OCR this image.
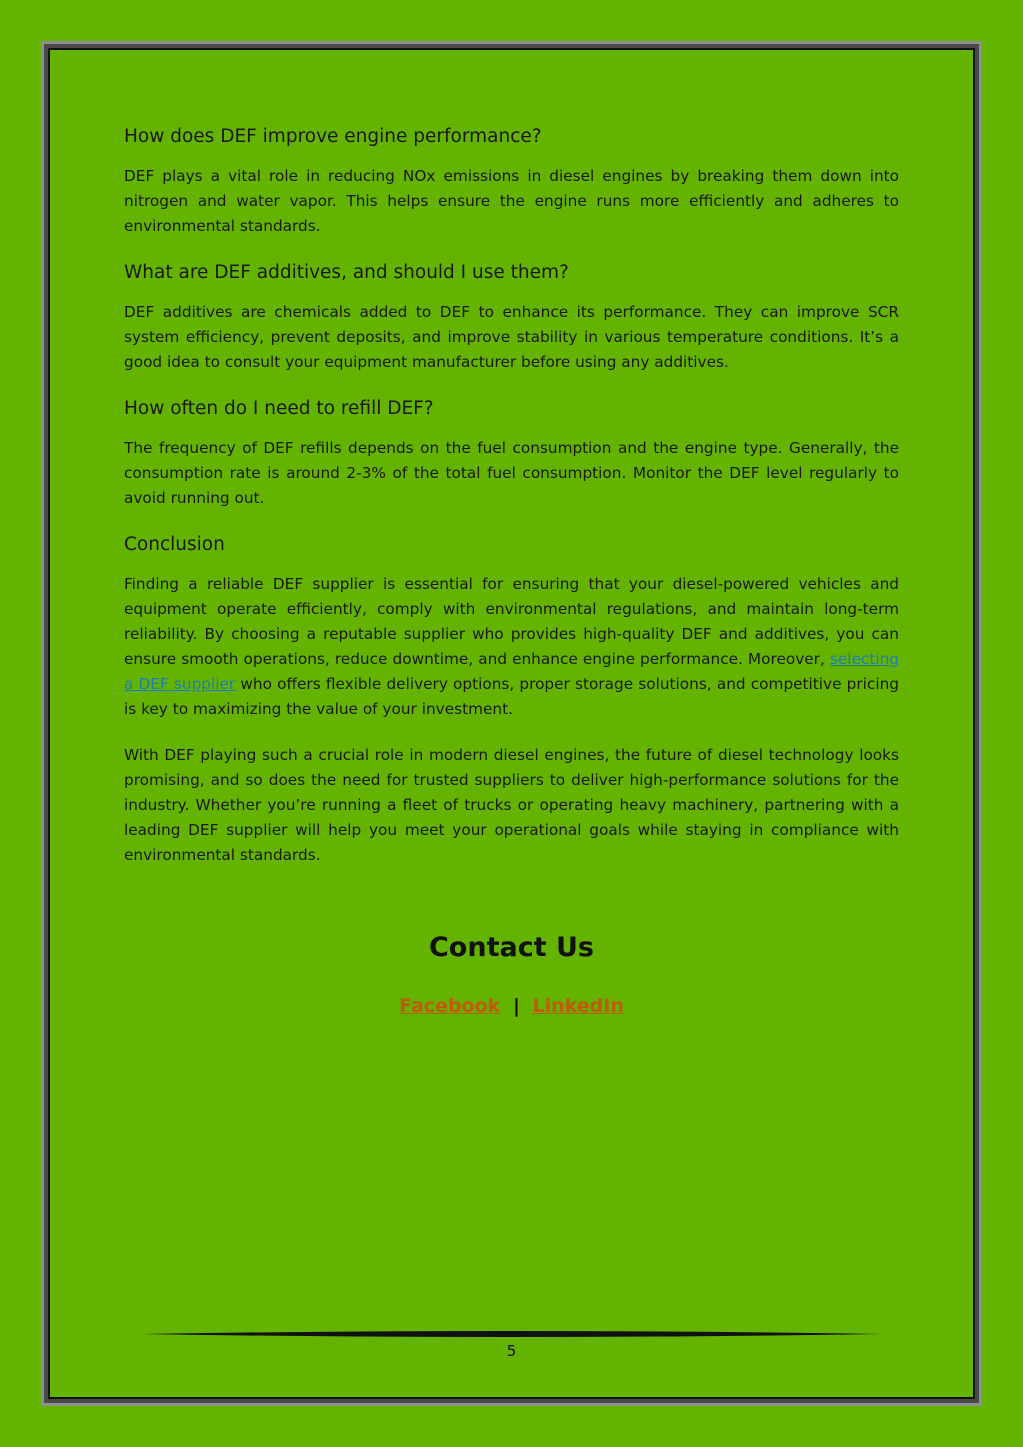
How does DEF improve engine performance?

DEF plays a vital role in reducing NOx emissions in diesel engines by breaking them down into nitrogen and water vapor. This helps ensure the engine runs more efficiently and adheres to environmental standards.

What are DEF additives, and should I use them?

DEF additives are chemicals added to DEF to enhance its performance. They can improve SCR system efficiency, prevent deposits, and improve stability in various temperature conditions. It’s a good idea to consult your equipment manufacturer before using any additives.

How often do I need to refill DEF?

The frequency of DEF refills depends on the fuel consumption and the engine type. Generally, the consumption rate is around 2-3% of the total fuel consumption. Monitor the DEF level regularly to avoid running out.

Conclusion

Finding a reliable DEF supplier is essential for ensuring that your diesel-powered vehicles and equipment operate efficiently, comply with environmental regulations, and maintain long-term reliability. By choosing a reputable supplier who provides high-quality DEF and additives, you can ensure smooth operations, reduce downtime, and enhance engine performance. Moreover, selecting a DEF supplier who offers flexible delivery options, proper storage solutions, and competitive pricing is key to maximizing the value of your investment.

With DEF playing such a crucial role in modern diesel engines, the future of diesel technology looks promising, and so does the need for trusted suppliers to deliver high-performance solutions for the industry. Whether you’re running a fleet of trucks or operating heavy machinery, partnering with a leading DEF supplier will help you meet your operational goals while staying in compliance with environmental standards.

Contact Us
Facebook | LinkedIn
5
